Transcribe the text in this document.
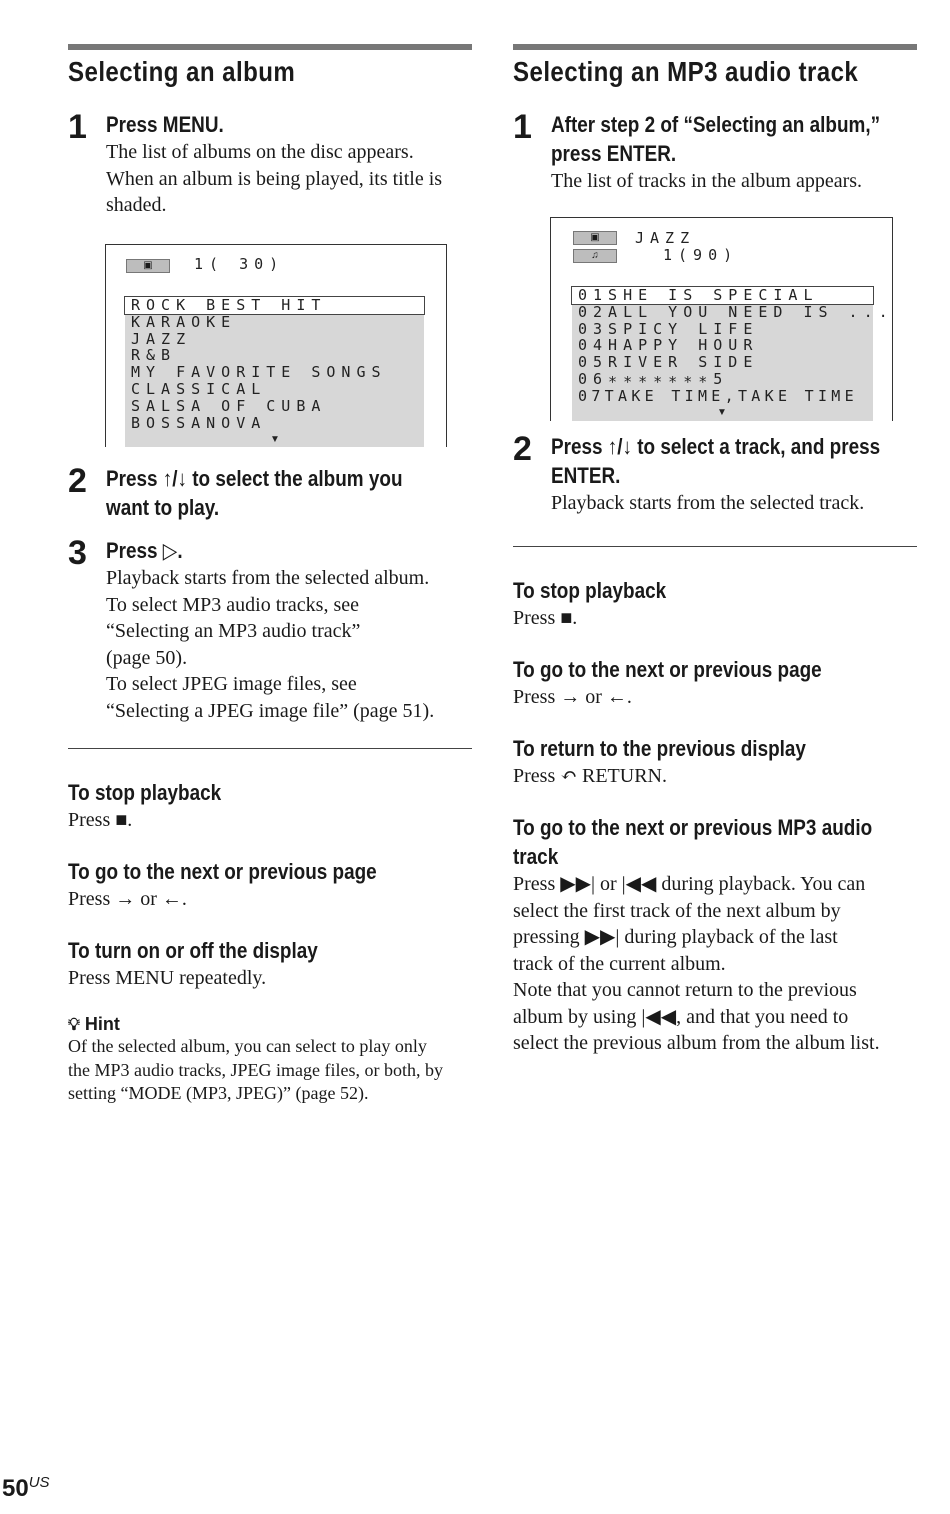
Selecting an album
1 Press MENU.
The list of albums on the disc appears.
When an album is being played, its title is
shaded.
▣	1( 30)
ROCK BEST HIT
KARAOKE
JAZZ
R&B
MY FAVORITE SONGS
CLASSICAL
SALSA OF CUBA
BOSSANOVA
▼
2 Press ↑/↓ to select the album you
want to play.
3 Press ▷.
Playback starts from the selected album.
To select MP3 audio tracks, see
“Selecting an MP3 audio track”
(page 50).
To select JPEG image files, see
“Selecting a JPEG image file” (page 51).
To stop playback
Press ■.
To go to the next or previous page
Press → or ←.
To turn on or off the display
Press MENU repeatedly.
💡︎ Hint
Of the selected album, you can select to play only
the MP3 audio tracks, JPEG image files, or both, by
setting “MODE (MP3, JPEG)” (page 52).
Selecting an MP3 audio track
1 After step 2 of “Selecting an album,”
press ENTER.
The list of tracks in the album appears.
▣
♫
JAZZ
1(90)
01SHE IS SPECIAL
02ALL YOU NEED IS ...
03SPICY LIFE
04HAPPY HOUR
05RIVER SIDE
06∗∗∗∗∗∗∗5
07TAKE TIME,TAKE TIME
▼
2 Press ↑/↓ to select a track, and press
ENTER.
Playback starts from the selected track.
To stop playback
Press ■.
To go to the next or previous page
Press → or ←.
To return to the previous display
Press ↶ RETURN.
To go to the next or previous MP3 audio
track
Press ▶▶| or |◀◀ during playback. You can
select the first track of the next album by
pressing ▶▶| during playback of the last
track of the current album.
Note that you cannot return to the previous
album by using |◀◀, and that you need to
select the previous album from the album list.
$50^{US}$
